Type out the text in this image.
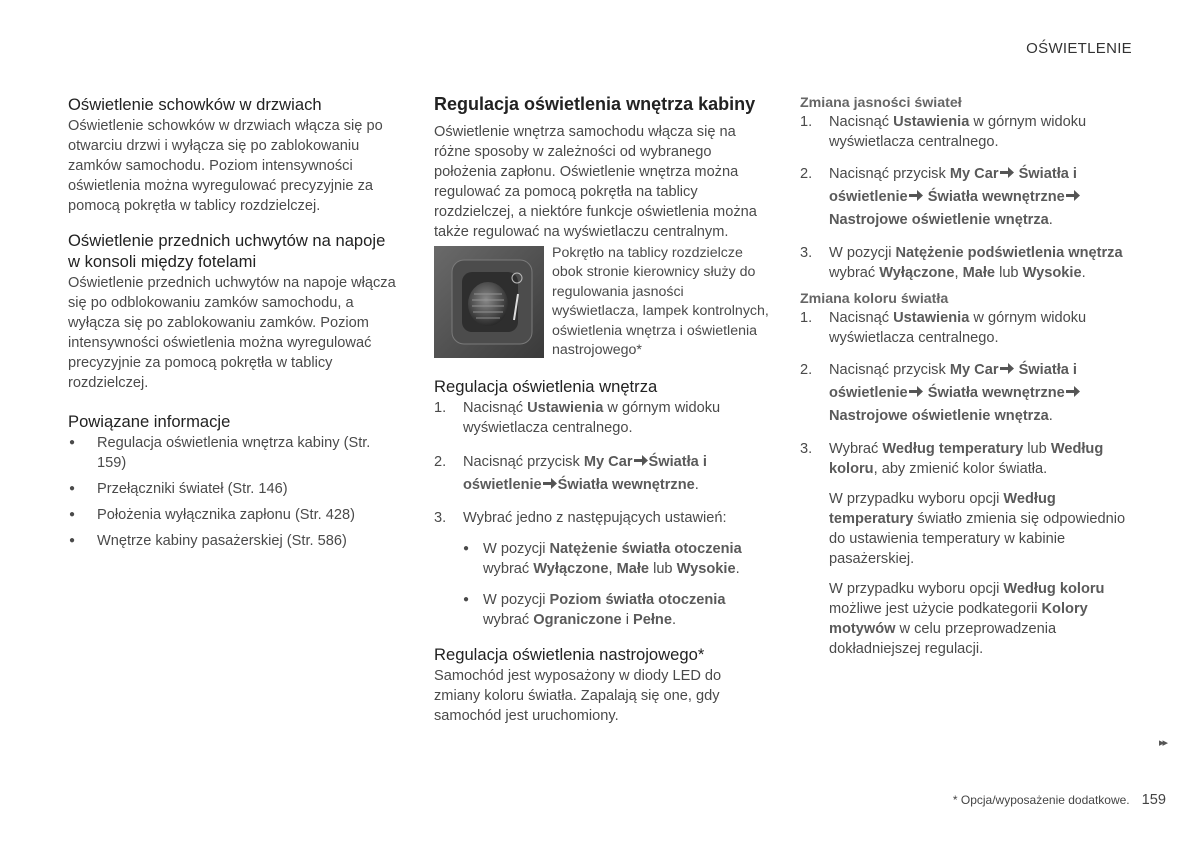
OŚWIETLENIE
Oświetlenie schowków w drzwiach

Oświetlenie schowków w drzwiach włącza się po otwarciu drzwi i wyłącza się po zablokowaniu zamków samochodu. Poziom intensywności oświetlenia można wyregulować precyzyjnie za pomocą pokrętła w tablicy rozdzielczej.

Oświetlenie przednich uchwytów na napoje w konsoli między fotelami

Oświetlenie przednich uchwytów na napoje włącza się po odblokowaniu zamków samochodu, a wyłącza się po zablokowaniu zamków. Poziom intensywności oświetlenia można wyregulować precyzyjnie za pomocą pokrętła w tablicy rozdzielczej.

Powiązane informacje
● Regulacja oświetlenia wnętrza kabiny (Str. 159)
● Przełączniki świateł (Str. 146)
● Położenia wyłącznika zapłonu (Str. 428)
● Wnętrze kabiny pasażerskiej (Str. 586)
Regulacja oświetlenia wnętrza kabiny

Oświetlenie wnętrza samochodu włącza się na różne sposoby w zależności od wybranego położenia zapłonu. Oświetlenie wnętrza można regulować za pomocą pokrętła na tablicy rozdzielczej, a niektóre funkcje oświetlenia można także regulować na wyświetlaczu centralnym.

Pokrętło na tablicy rozdzielcze obok stronie kierownicy służy do regulowania jasności wyświetlacza, lampek kontrolnych, oświetlenia wnętrza i oświetlenia nastrojowego*
Regulacja oświetlenia wnętrza
1. Nacisnąć Ustawienia w górnym widoku wyświetlacza centralnego.
2. Nacisnąć przycisk My Car Światła i oświetlenie Światła wewnętrzne.
3. Wybrać jedno z następujących ustawień:
● W pozycji Natężenie światła otoczenia wybrać Wyłączone, Małe lub Wysokie.
● W pozycji Poziom światła otoczenia wybrać Ograniczone i Pełne.
Regulacja oświetlenia nastrojowego*

Samochód jest wyposażony w diody LED do zmiany koloru światła. Zapalają się one, gdy samochód jest uruchomiony.

Zmiana jasności świateł
1. Nacisnąć Ustawienia w górnym widoku wyświetlacza centralnego.
2. Nacisnąć przycisk My Car Światła i oświetlenie Światła wewnętrzne Nastrojowe oświetlenie wnętrza.
3. W pozycji Natężenie podświetlenia wnętrza wybrać Wyłączone, Małe lub Wysokie.
Zmiana koloru światła
1. Nacisnąć Ustawienia w górnym widoku wyświetlacza centralnego.
2. Nacisnąć przycisk My Car Światła i oświetlenie Światła wewnętrzne Nastrojowe oświetlenie wnętrza.
3. Wybrać Według temperatury lub Według koloru, aby zmienić kolor światła.

W przypadku wyboru opcji Według temperatury światło zmienia się odpowiednio do ustawienia temperatury w kabinie pasażerskiej.

W przypadku wyboru opcji Według koloru możliwe jest użycie podkategorii Kolory motywów w celu przeprowadzenia dokładniejszej regulacji.

▸▸
* Opcja/wyposażenie dodatkowe. 159
